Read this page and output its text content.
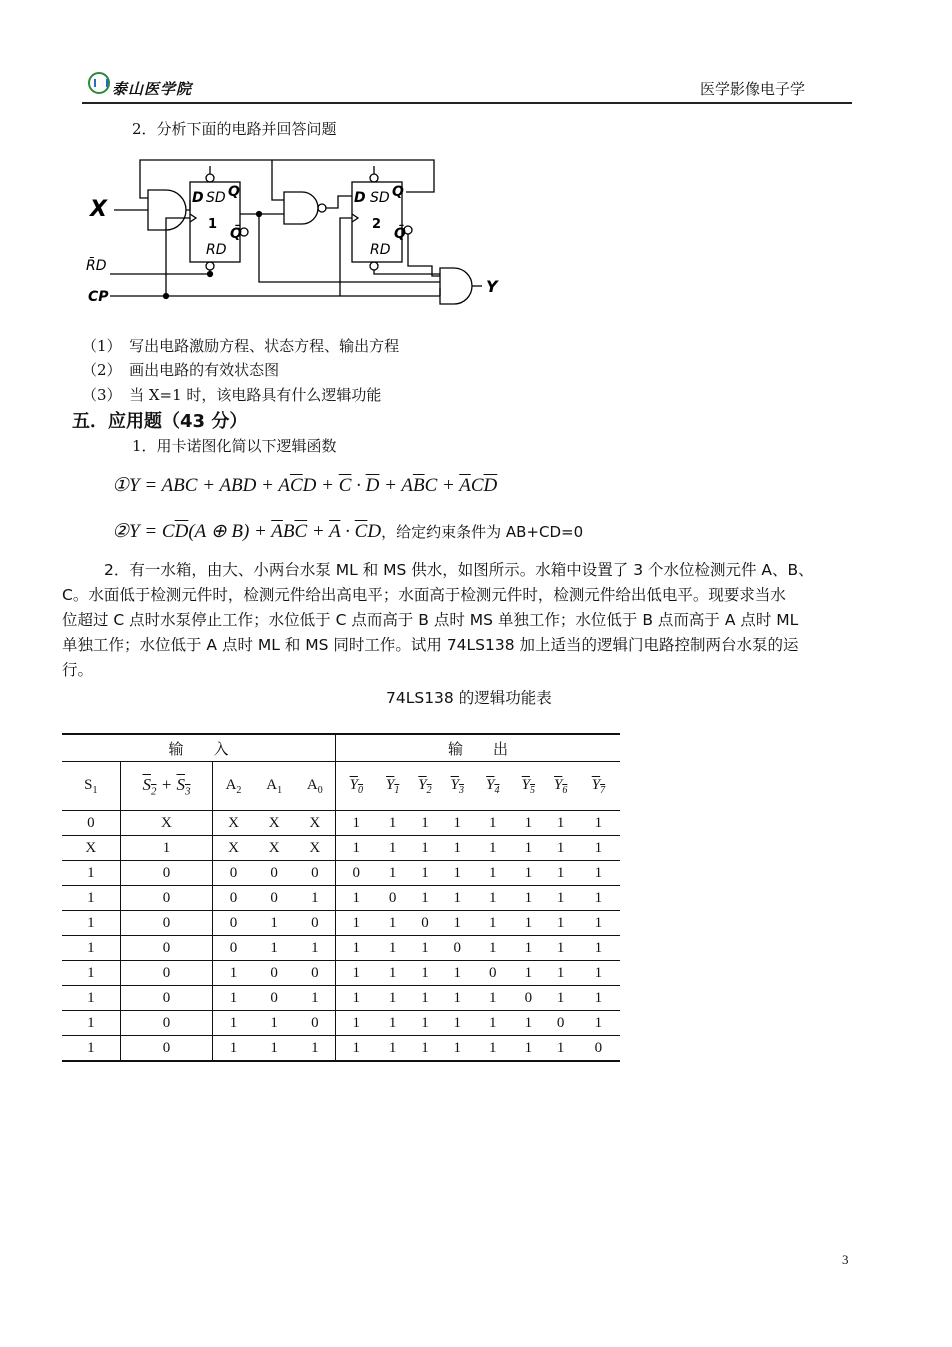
泰山医学院	医学影像电子学
2．分析下面的电路并回答问题
X
R̄D
CP
Y
D SD Q
1
Q̄
RD
D SD Q
2
Q̄
RD
（1）　 写出电路激励方程、状态方程、输出方程
（2）　 画出电路的有效状态图
（3）　 当 X=1 时，该电路具有什么逻辑功能
五．应用题（43 分）
1．用卡诺图化简以下逻辑函数
①Y = ABC + ABD + $A\overline{C}D + \overline{C} \cdot \overline{D} + A\overline{B}C + \overline{A}C\overline{D}$
②Y = $C\overline{D}(A$ ⊕ $B) + \overline{A}B\overline{C} + \overline{A} \cdot \overline{C}D$，给定约束条件为 AB+CD=0
2．有一水箱，由大、小两台水泵 ML 和 MS 供水，如图所示。水箱中设置了 3 个水位检测元件 A、B、
C。水面低于检测元件时，检测元件给出高电平；水面高于检测元件时，检测元件给出低电平。现要求当水
位超过 C 点时水泵停止工作；水位低于 C 点而高于 B 点时 MS 单独工作；水位低于 B 点而高于 A 点时 ML
单独工作；水位低于 A 点时 ML 和 MS 同时工作。试用 74LS138 加上适当的逻辑门电路控制两台水泵的运
行。
74LS138 的逻辑功能表
输　　入					输　　出							
$S_1$	$S_2 + S_3$	$A_2$	$A_1$	$A_0$	$Y_0$	$Y_1$	$Y_2$	$Y_3$	$Y_4$	$Y_5$	$Y_6$	$Y_7$
0	X	X	X	X	1	1	1	1	1	1	1	1
X	1	X	X	X	1	1	1	1	1	1	1	1
1	0	0	0	0	0	1	1	1	1	1	1	1
1	0	0	0	1	1	0	1	1	1	1	1	1
1	0	0	1	0	1	1	0	1	1	1	1	1
1	0	0	1	1	1	1	1	0	1	1	1	1
1	0	1	0	0	1	1	1	1	0	1	1	1
1	0	1	0	1	1	1	1	1	1	0	1	1
1	0	1	1	0	1	1	1	1	1	1	0	1
1	0	1	1	1	1	1	1	1	1	1	1	0
3
